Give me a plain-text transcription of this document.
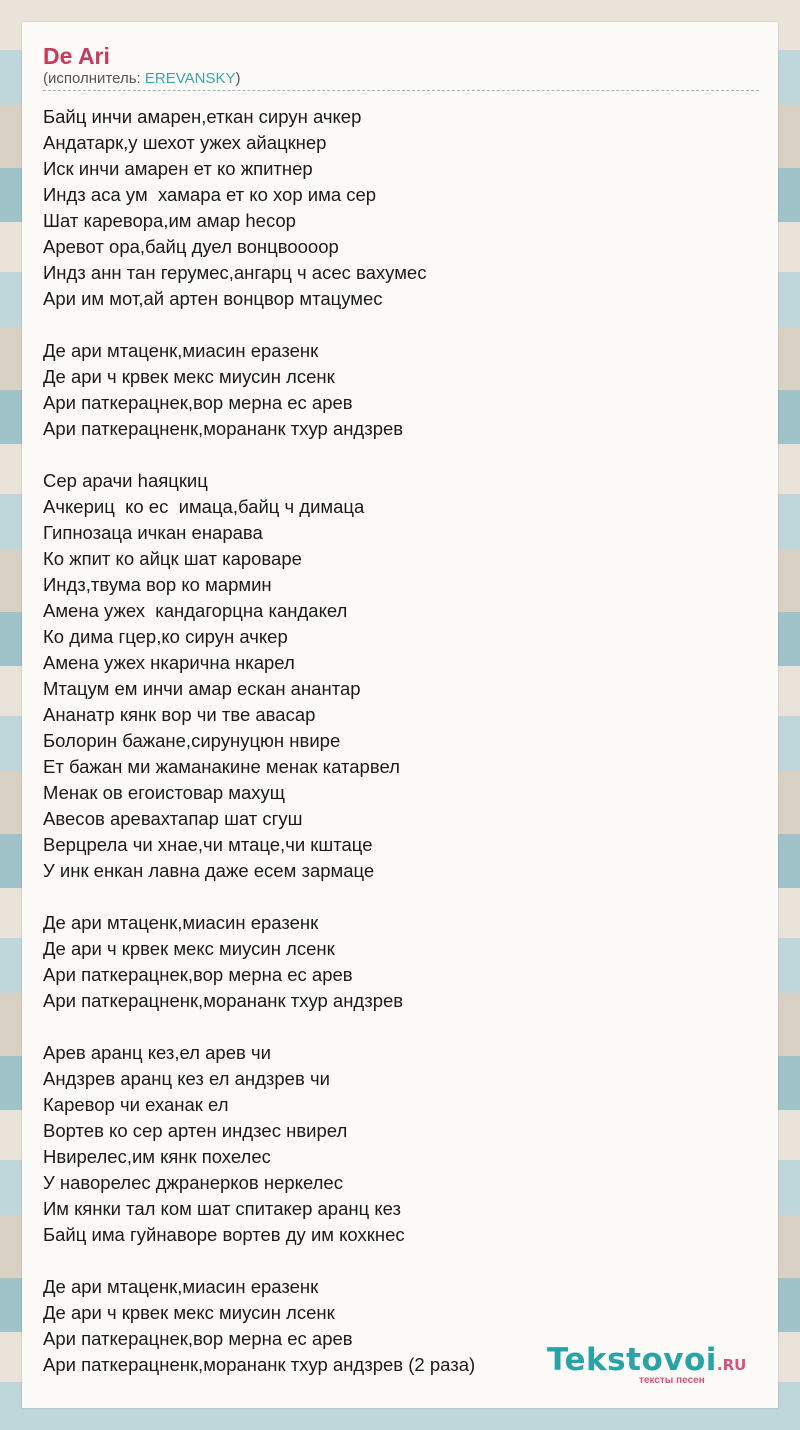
De Ari
(исполнитель: EREVANSKY)
Байц инчи амарен,еткан сирун ачкер
Андатарк,у шехот ужех айацкнер
Иск инчи амарен ет ко жпитнер
Индз аса ум  хамара ет ко хор има сер
Шат каревора,им амар hесор
Аревот ора,байц дуел вонцвоoooр
Индз анн тан герумес,ангарц ч асес вахумес
Ари им мот,ай артен вонцвор мтацумес
Де ари мтаценк,миасин еразенк
Де ари ч крвек мекс миусин лсенк
Ари паткерацнек,вор мерна ес арев
Ари паткерацненк,моранaнк тхур андзрев
Сер арачи hаяцкиц
Ачкериц  ко ес  имаца,байц ч димаца
Гипнозаца ичкан енарава
Ко жпит ко айцк шат кароваре
Индз,твума вор ко мармин
Амена ужех  кандагорцна кандакел
Ко дима гцер,ко сирун ачкер
Амена ужех нкарична нкарел
Мтацум ем инчи амар ескан анантар
Ананатр кянк вор чи тве авасар
Болорин бажане,сирунуцюн нвире
Ет бажан ми жаманакине менак катарвел
Менак ов егоистовар махущ
Авесов аревахтапар шат сгуш
Верцрела чи хнае,чи мтаце,чи кштаце
У инк енкан лавна даже есем зармаце
Де ари мтаценк,миасин еразенк
Де ари ч крвек мекс миусин лсенк
Ари паткерацнек,вор мерна ес арев
Ари паткерацненк,моранaнк тхур андзрев
Арев аранц кез,ел арев чи
Андзрев аранц кез ел андзрев чи
Каревор чи еханак ел
Вортев ко сер артен индзес нвирел
Нвирелес,им кянк похелес
У наворелес джранерков неркелес
Им кянки тал ком шат спитакер аранц кез
Байц има гуйнаворе вортев ду им кохкнес
Де ари мтаценк,миасин еразенк
Де ари ч крвек мекс миусин лсенк
Ари паткерацнек,вор мерна ес арев
Ари паткерацненк,моранaнк тхур андзрев (2 раза)	Tekstovoi.RU
тексты песен
